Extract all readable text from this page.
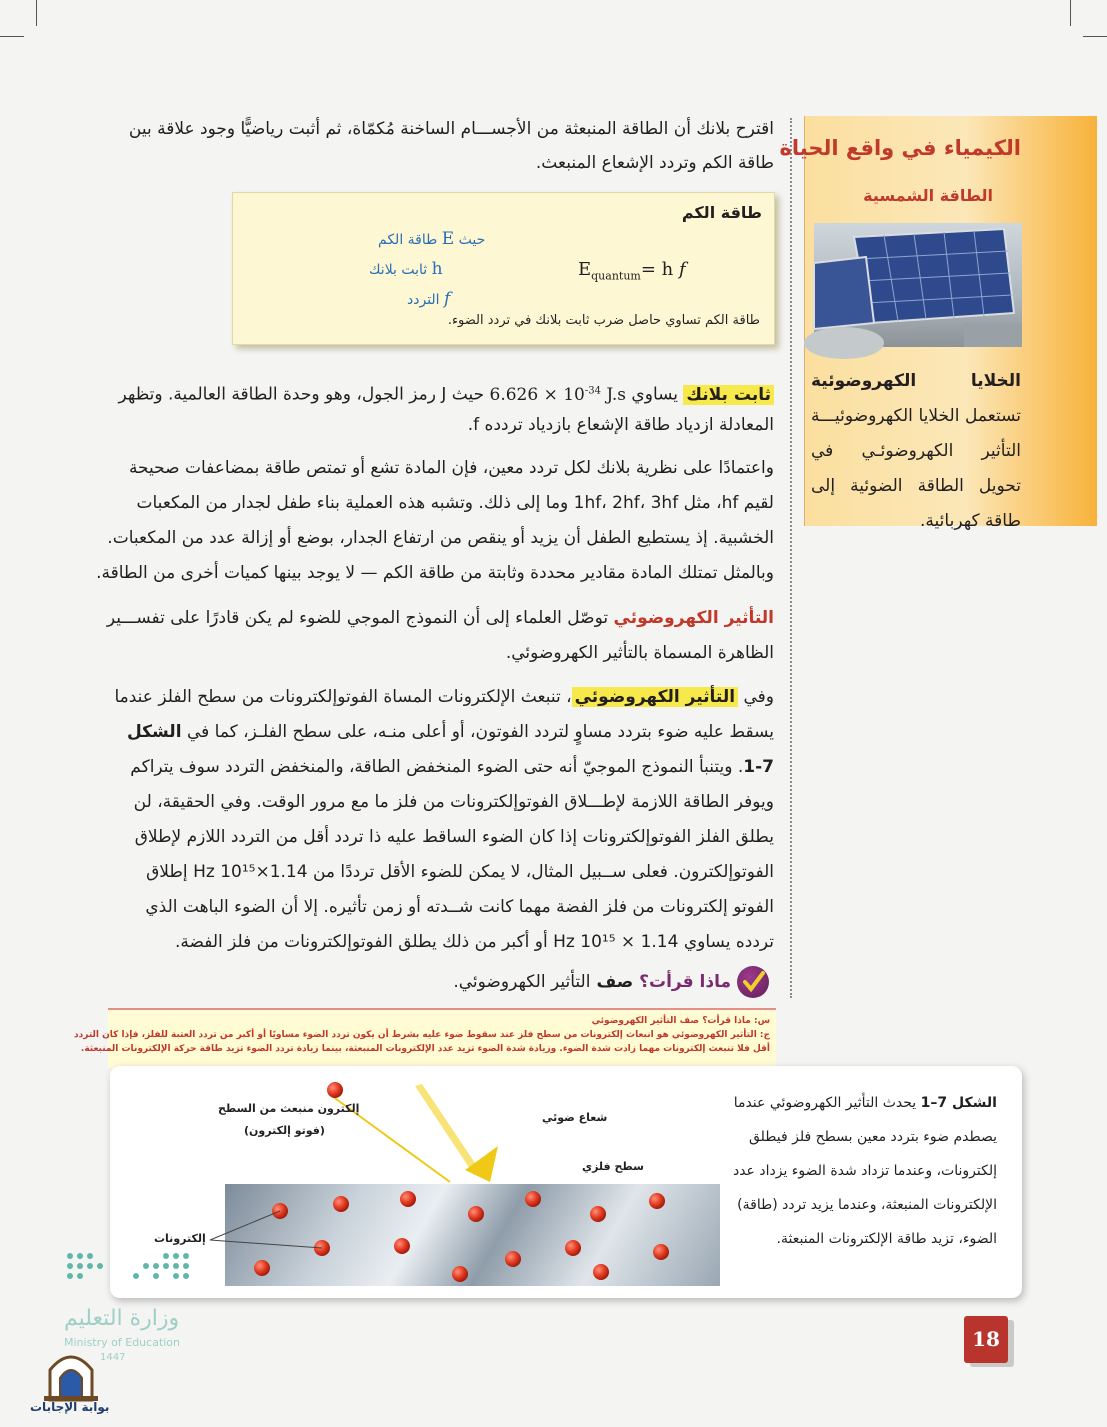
اقترح بلانك أن الطاقة المنبعثة من الأجســـام الساخنة مُكمّاة، ثم أثبت رياضيًّا وجود علاقة بين
طاقة الكم وتردد الإشعاع المنبعث.
طاقة الكم
$E_{quantum}= h$ f
حيث E طاقة الكم
h ثابت بلانك
f التردد
طاقة الكم تساوي حاصل ضرب ثابت بلانك في تردد الضوء.
ثابت بلانك يساوي $6.626 \times 10^{-34}$ J.s حيث J رمز الجول، وهو وحدة الطاقة العالمية. وتظهر
المعادلة ازدياد طاقة الإشعاع بازدياد تردده f.
واعتمادًا على نظرية بلانك لكل تردد معين، فإن المادة تشع أو تمتص طاقة بمضاعفات صحيحة
لقيم hf، مثل 1hf، 2hf، 3hf وما إلى ذلك. وتشبه هذه العملية بناء طفل لجدار من المكعبات
الخشبية. إذ يستطيع الطفل أن يزيد أو ينقص من ارتفاع الجدار، بوضع أو إزالة عدد من المكعبات.
وبالمثل تمتلك المادة مقادير محددة وثابتة من طاقة الكم — لا يوجد بينها كميات أخرى من الطاقة.
التأثير الكهروضوئي توصّل العلماء إلى أن النموذج الموجي للضوء لم يكن قادرًا على تفســـير
الظاهرة المسماة بالتأثير الكهروضوئي.
وفي التأثير الكهروضوئي، تنبعث الإلكترونات المساة الفوتوإلكترونات من سطح الفلز عندما
يسقط عليه ضوء بتردد مساوٍ لتردد الفوتون، أو أعلى منـه، على سطح الفلـز، كما في الشكل
1-7. ويتنبأ النموذج الموجيّ أنه حتى الضوء المنخفض الطاقة، والمنخفض التردد سوف يتراكم
ويوفر الطاقة اللازمة لإطـــلاق الفوتوإلكترونات من فلز ما مع مرور الوقت. وفي الحقيقة، لن
يطلق الفلز الفوتوإلكترونات إذا كان الضوء الساقط عليه ذا تردد أقل من التردد اللازم لإطلاق
الفوتوإلكترون. فعلى ســبيل المثال، لا يمكن للضوء الأقل ترددًا من 1.14×10¹⁵ Hz إطلاق
الفوتو إلكترونات من فلز الفضة مهما كانت شــدته أو زمن تأثيره. إلا أن الضوء الباهت الذي
تردده يساوي 1.14 × 10¹⁵ Hz أو أكبر من ذلك يطلق الفوتوإلكترونات من فلز الفضة.
ماذا قرأت؟
صف
التأثير الكهروضوئي.
س: ماذا قرأت؟ صف التأثير الكهروضوئي
ج: التأثير الكهروضوئي هو انبعاث إلكترونات من سطح فلز عند سقوط ضوء عليه بشرط أن يكون تردد الضوء مساويًا أو أكبر من تردد العتبة للفلز، فإذا كان التردد
أقل فلا تنبعث إلكترونات مهما زادت شدة الضوء. وزيادة شدة الضوء تزيد عدد الإلكترونات المنبعثة، بينما زيادة تردد الضوء تزيد طاقة حركة الإلكترونات المنبعثة.
الكيمياء في واقع الحياة
الطاقة الشمسية
الخلايا الكهروضوئية تستعمل الخلايا الكهروضوئيـــة التأثير الكهروضوئـي في تحويل الطاقة الضوئية إلى طاقة كهربائية.
إلكترون منبعث من السطح
(فوتو إلكترون)
شعاع ضوئي
سطح فلزي
إلكترونات
الشكل 7–1 يحدث التأثير الكهروضوئي عندما يصطدم ضوء بتردد معين بسطح فلز فيطلق إلكترونات، وعندما تزداد شدة الضوء يزداد عدد الإلكترونات المنبعثة، وعندما يزيد تردد (طاقة) الضوء، تزيد طاقة الإلكترونات المنبعثة.
وزارة التعليم
Ministry of Education
1447
بوابة الإجابات
18
